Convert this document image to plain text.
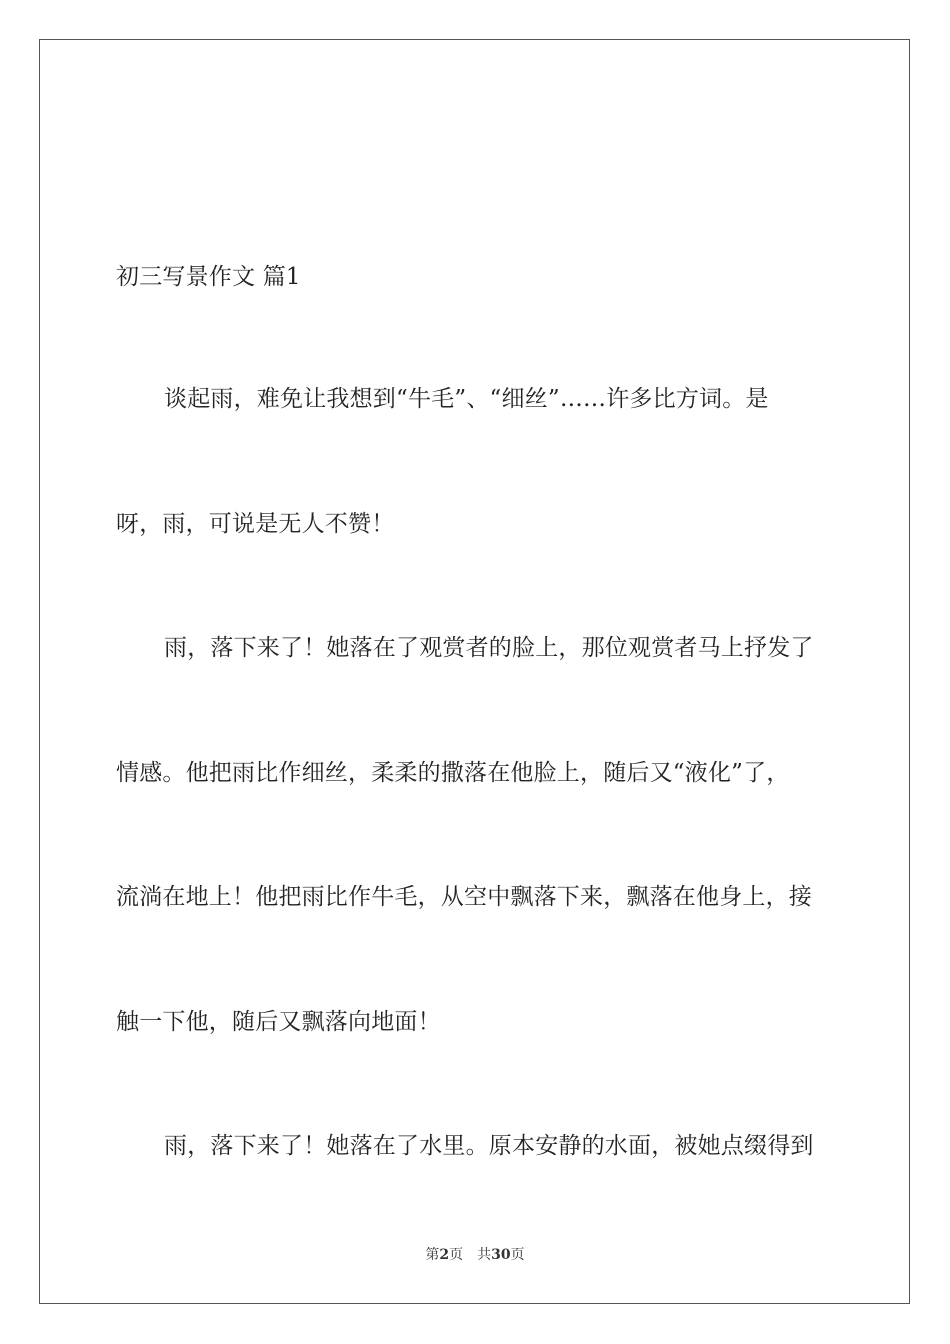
初三写景作文 篇1
谈起雨，难免让我想到“牛毛”、“细丝”……许多比方词。是
呀，雨，可说是无人不赞！
雨，落下来了！她落在了观赏者的脸上，那位观赏者马上抒发了
情感。他把雨比作细丝，柔柔的撒落在他脸上，随后又“液化”了，
流淌在地上！他把雨比作牛毛，从空中飘落下来，飘落在他身上，接
触一下他，随后又飘落向地面！
雨，落下来了！她落在了水里。原本安静的水面，被她点缀得到
第2页 共30页
